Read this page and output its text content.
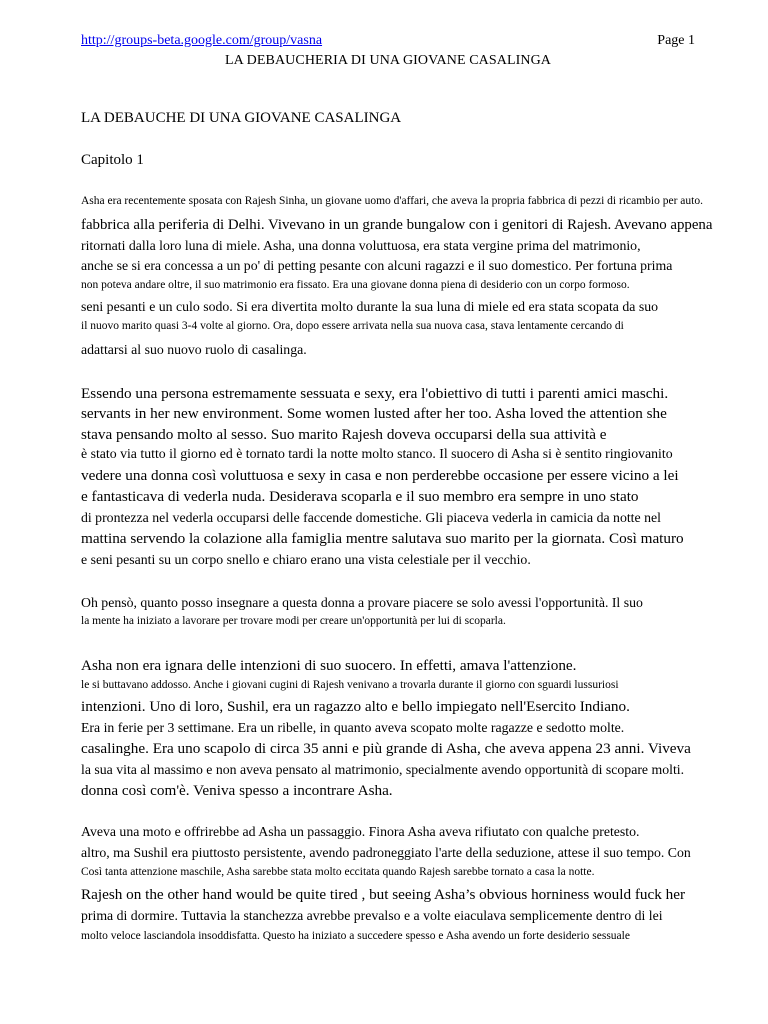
http://groups-beta.google.com/group/vasna	Page 1
LA DEBAUCHERIA DI UNA GIOVANE CASALINGA
LA DEBAUCHE DI UNA GIOVANE CASALINGA
Capitolo 1
Asha era recentemente sposata con Rajesh Sinha, un giovane uomo d'affari, che aveva la propria fabbrica di pezzi di ricambio per auto.
fabbrica alla periferia di Delhi. Vivevano in un grande bungalow con i genitori di Rajesh. Avevano appena
ritornati dalla loro luna di miele. Asha, una donna voluttuosa, era stata vergine prima del matrimonio,
anche se si era concessa a un po' di petting pesante con alcuni ragazzi e il suo domestico. Per fortuna prima
non poteva andare oltre, il suo matrimonio era fissato. Era una giovane donna piena di desiderio con un corpo formoso.
seni pesanti e un culo sodo. Si era divertita molto durante la sua luna di miele ed era stata scopata da suo
il nuovo marito quasi 3-4 volte al giorno. Ora, dopo essere arrivata nella sua nuova casa, stava lentamente cercando di
adattarsi al suo nuovo ruolo di casalinga.
Essendo una persona estremamente sessuata e sexy, era l'obiettivo di tutti i parenti amici maschi.
servants in her new environment. Some women lusted after her too. Asha loved the attention she
stava pensando molto al sesso. Suo marito Rajesh doveva occuparsi della sua attività e
è stato via tutto il giorno ed è tornato tardi la notte molto stanco. Il suocero di Asha si è sentito ringiovanito
vedere una donna così voluttuosa e sexy in casa e non perderebbe occasione per essere vicino a lei
e fantasticava di vederla nuda. Desiderava scoparla e il suo membro era sempre in uno stato
di prontezza nel vederla occuparsi delle faccende domestiche. Gli piaceva vederla in camicia da notte nel
mattina servendo la colazione alla famiglia mentre salutava suo marito per la giornata. Così maturo
e seni pesanti su un corpo snello e chiaro erano una vista celestiale per il vecchio.
Oh pensò, quanto posso insegnare a questa donna a provare piacere se solo avessi l'opportunità. Il suo
la mente ha iniziato a lavorare per trovare modi per creare un'opportunità per lui di scoparla.
Asha non era ignara delle intenzioni di suo suocero. In effetti, amava l'attenzione.
le si buttavano addosso. Anche i giovani cugini di Rajesh venivano a trovarla durante il giorno con sguardi lussuriosi
intenzioni. Uno di loro, Sushil, era un ragazzo alto e bello impiegato nell'Esercito Indiano.
Era in ferie per 3 settimane. Era un ribelle, in quanto aveva scopato molte ragazze e sedotto molte.
casalinghe. Era uno scapolo di circa 35 anni e più grande di Asha, che aveva appena 23 anni. Viveva
la sua vita al massimo e non aveva pensato al matrimonio, specialmente avendo opportunità di scopare molti.
donna così com'è. Veniva spesso a incontrare Asha.
Aveva una moto e offrirebbe ad Asha un passaggio. Finora Asha aveva rifiutato con qualche pretesto.
altro, ma Sushil era piuttosto persistente, avendo padroneggiato l'arte della seduzione, attese il suo tempo. Con
Così tanta attenzione maschile, Asha sarebbe stata molto eccitata quando Rajesh sarebbe tornato a casa la notte.
Rajesh on the other hand would be quite tired , but seeing Asha’s obvious horniness would fuck her
prima di dormire. Tuttavia la stanchezza avrebbe prevalso e a volte eiaculava semplicemente dentro di lei
molto veloce lasciandola insoddisfatta. Questo ha iniziato a succedere spesso e Asha avendo un forte desiderio sessuale
